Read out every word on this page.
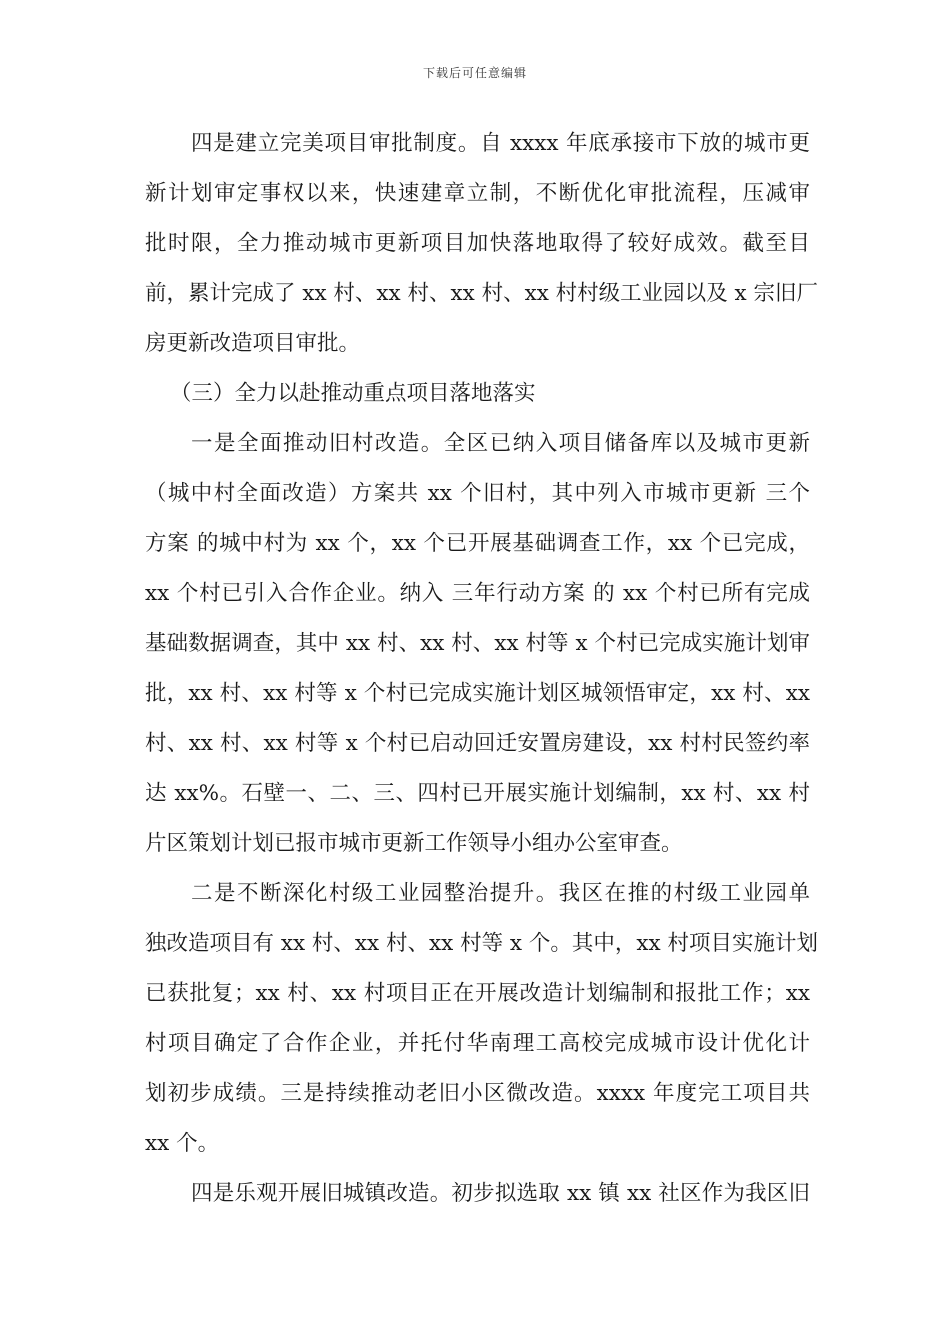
下载后可任意编辑
四是建立完美项目审批制度。自 xxxx 年底承接市下放的城市更
新计划审定事权以来，快速建章立制，不断优化审批流程，压减审
批时限，全力推动城市更新项目加快落地取得了较好成效。截至目
前，累计完成了 xx 村、xx 村、xx 村、xx 村村级工业园以及 x 宗旧厂
房更新改造项目审批。
（三）全力以赴推动重点项目落地落实
一是全面推动旧村改造。全区已纳入项目储备库以及城市更新
（城中村全面改造）方案共 xx 个旧村，其中列入市城市更新 三个
方案 的城中村为 xx 个，xx 个已开展基础调查工作，xx 个已完成，
xx 个村已引入合作企业。纳入 三年行动方案 的 xx 个村已所有完成
基础数据调查，其中 xx 村、xx 村、xx 村等 x 个村已完成实施计划审
批，xx 村、xx 村等 x 个村已完成实施计划区城领悟审定，xx 村、xx
村、xx 村、xx 村等 x 个村已启动回迁安置房建设，xx 村村民签约率
达 xx%。石壁一、二、三、四村已开展实施计划编制，xx 村、xx 村
片区策划计划已报市城市更新工作领导小组办公室审查。
二是不断深化村级工业园整治提升。我区在推的村级工业园单
独改造项目有 xx 村、xx 村、xx 村等 x 个。其中，xx 村项目实施计划
已获批复；xx 村、xx 村项目正在开展改造计划编制和报批工作；xx
村项目确定了合作企业，并托付华南理工高校完成城市设计优化计
划初步成绩。三是持续推动老旧小区微改造。xxxx 年度完工项目共
xx 个。
四是乐观开展旧城镇改造。初步拟选取 xx 镇 xx 社区作为我区旧
